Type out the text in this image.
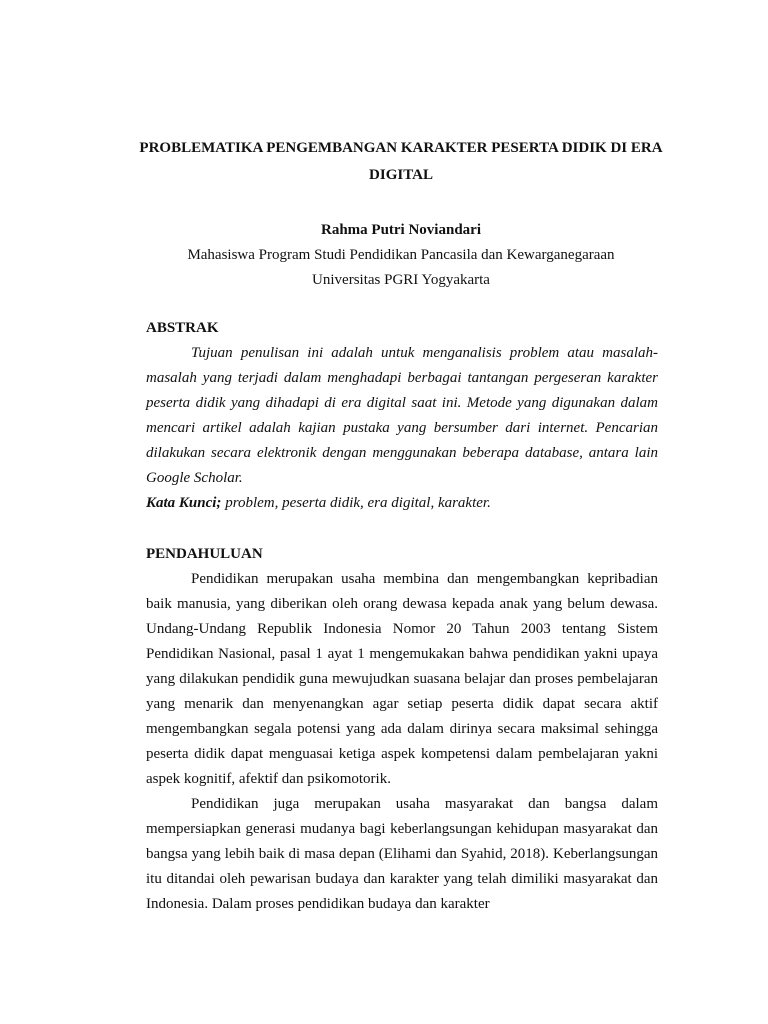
PROBLEMATIKA PENGEMBANGAN KARAKTER PESERTA DIDIK DI ERA DIGITAL
Rahma Putri Noviandari
Mahasiswa Program Studi Pendidikan Pancasila dan Kewarganegaraan
Universitas PGRI Yogyakarta
ABSTRAK

Tujuan penulisan ini adalah untuk menganalisis problem atau masalah-masalah yang terjadi dalam menghadapi berbagai tantangan pergeseran karakter peserta didik yang dihadapi di era digital saat ini. Metode yang digunakan dalam mencari artikel adalah kajian pustaka yang bersumber dari internet. Pencarian dilakukan secara elektronik dengan menggunakan beberapa database, antara lain Google Scholar.

Kata Kunci; problem, peserta didik, era digital, karakter.

PENDAHULUAN

Pendidikan merupakan usaha membina dan mengembangkan kepribadian baik manusia, yang diberikan oleh orang dewasa kepada anak yang belum dewasa. Undang-Undang Republik Indonesia Nomor 20 Tahun 2003 tentang Sistem Pendidikan Nasional, pasal 1 ayat 1 mengemukakan bahwa pendidikan yakni upaya yang dilakukan pendidik guna mewujudkan suasana belajar dan proses pembelajaran yang menarik dan menyenangkan agar setiap peserta didik dapat secara aktif mengembangkan segala potensi yang ada dalam dirinya secara maksimal sehingga peserta didik dapat menguasai ketiga aspek kompetensi dalam pembelajaran yakni aspek kognitif, afektif dan psikomotorik.

Pendidikan juga merupakan usaha masyarakat dan bangsa dalam mempersiapkan generasi mudanya bagi keberlangsungan kehidupan masyarakat dan bangsa yang lebih baik di masa depan (Elihami dan Syahid, 2018). Keberlangsungan itu ditandai oleh pewarisan budaya dan karakter yang telah dimiliki masyarakat dan Indonesia. Dalam proses pendidikan budaya dan karakter
